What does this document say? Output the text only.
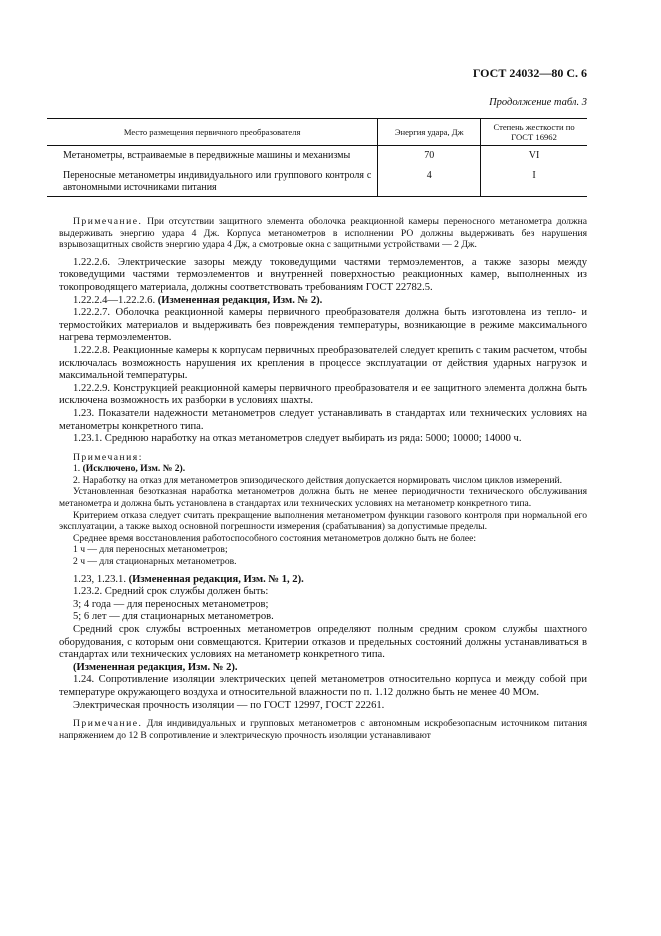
ГОСТ 24032—80 С. 6
Продолжение табл. 3
Место размещения первичного преобразователя	Энергия удара, Дж	Степень жесткости по ГОСТ 16962
Метанометры, встраиваемые в передвижные машины и механизмы	70	VI
Переносные метанометры индивидуального или группового контроля с автономными источниками питания	4	I

Примечание. При отсутствии защитного элемента оболочка реакционной камеры переносного метанометра должна выдерживать энергию удара 4 Дж. Корпуса метанометров в исполнении РО должны выдерживать без нарушения взрывозащитных свойств энергию удара 4 Дж, а смотровые окна с защитными устройствами — 2 Дж.

1.22.2.6. Электрические зазоры между токоведущими частями термоэлементов, а также зазоры между токоведущими частями термоэлементов и внутренней поверхностью реакционных камер, выполненных из токопроводящего материала, должны соответствовать требованиям ГОСТ 22782.5.

1.22.2.4—1.22.2.6. (Измененная редакция, Изм. № 2).

1.22.2.7. Оболочка реакционной камеры первичного преобразователя должна быть изготовлена из тепло- и термостойких материалов и выдерживать без повреждения температуры, возникающие в режиме максимального нагрева термоэлементов.

1.22.2.8. Реакционные камеры к корпусам первичных преобразователей следует крепить с таким расчетом, чтобы исключалась возможность нарушения их крепления в процессе эксплуатации от действия ударных нагрузок и максимальной температуры.

1.22.2.9. Конструкцией реакционной камеры первичного преобразователя и ее защитного элемента должна быть исключена возможность их разборки в условиях шахты.

1.23. Показатели надежности метанометров следует устанавливать в стандартах или технических условиях на метанометры конкретного типа.

1.23.1. Среднюю наработку на отказ метанометров следует выбирать из ряда: 5000; 10000; 14000 ч.

Примечания:

1. (Исключено, Изм. № 2).

2. Наработку на отказ для метанометров эпизодического действия допускается нормировать числом циклов измерений.

Установленная безотказная наработка метанометров должна быть не менее периодичности технического обслуживания метанометра и должна быть установлена в стандартах или технических условиях на метанометр конкретного типа.

Критерием отказа следует считать прекращение выполнения метанометром функции газового контроля при нормальной его эксплуатации, а также выход основной погрешности измерения (срабатывания) за допустимые пределы.

Среднее время восстановления работоспособного состояния метанометров должно быть не более:

1 ч — для переносных метанометров;

2 ч — для стационарных метанометров.

1.23, 1.23.1. (Измененная редакция, Изм. № 1, 2).

1.23.2. Средний срок службы должен быть:

3; 4 года — для переносных метанометров;

5; 6 лет — для стационарных метанометров.

Средний срок службы встроенных метанометров определяют полным средним сроком службы шахтного оборудования, с которым они совмещаются. Критерии отказов и предельных состояний должны устанавливаться в стандартах или технических условиях на метанометр конкретного типа.

(Измененная редакция, Изм. № 2).

1.24. Сопротивление изоляции электрических цепей метанометров относительно корпуса и между собой при температуре окружающего воздуха и относительной влажности по п. 1.12 должно быть не менее 40 МОм.

Электрическая прочность изоляции — по ГОСТ 12997, ГОСТ 22261.

Примечание. Для индивидуальных и групповых метанометров с автономным искробезопасным источником питания напряжением до 12 В сопротивление и электрическую прочность изоляции устанавливают
